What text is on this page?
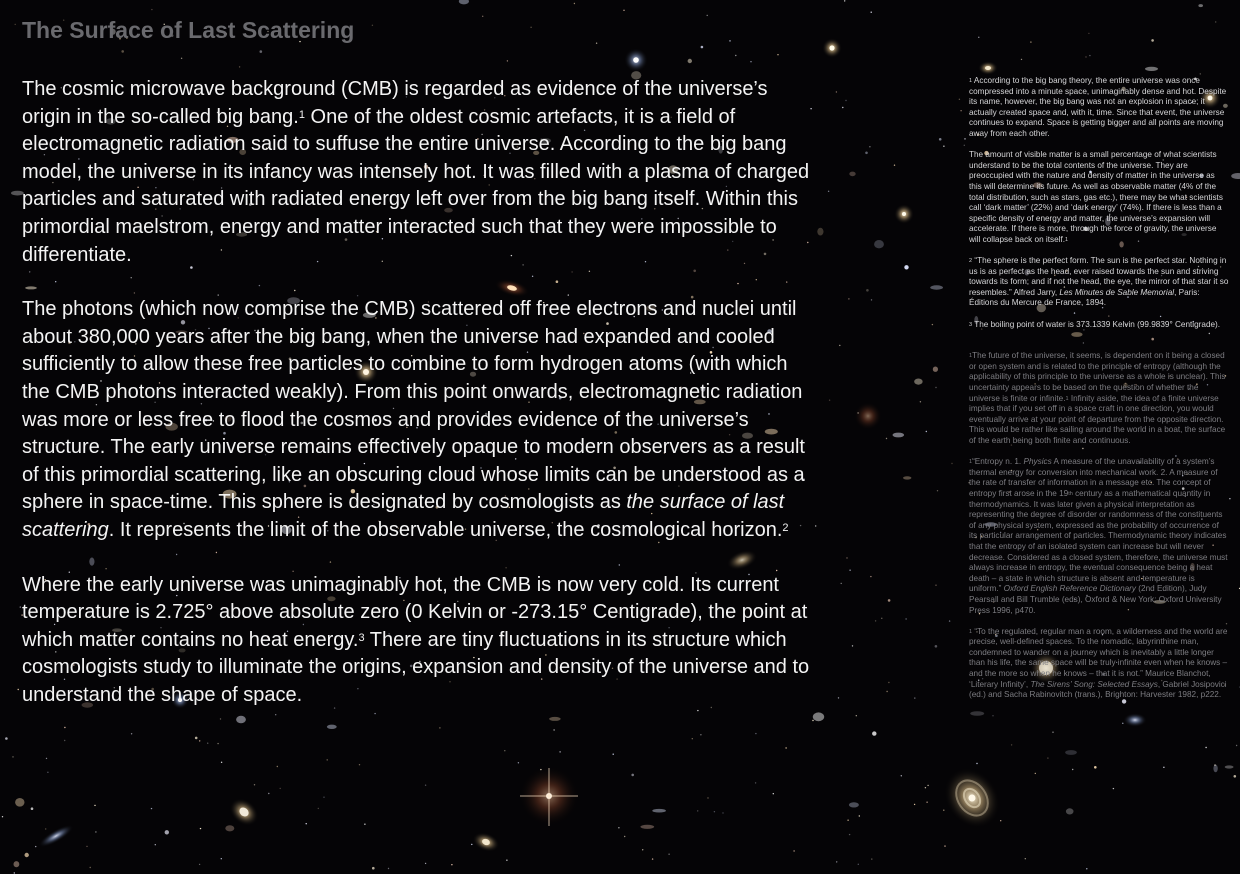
The Surface of Last Scattering

The cosmic microwave background (CMB) is regarded as evidence of the universe’s origin in the so-called big bang.$^1$ One of the oldest cosmic artefacts, it is a field of electromagnetic radiation said to suffuse the entire universe. According to the big bang model, the universe in its infancy was intensely hot. It was filled with a plasma of charged particles and saturated with radiated energy left over from the big bang itself. Within this primordial maelstrom, energy and matter interacted such that they were impossible to differentiate.

The photons (which now comprise the CMB) scattered off free electrons and nuclei until about 380,000 years after the big bang, when the universe had expanded and cooled sufficiently to allow these free particles to combine to form hydrogen atoms (with which the CMB photons interacted weakly). From this point onwards, electromagnetic radiation was more or less free to flood the cosmos and provides evidence of the universe’s structure. The early universe remains effectively opaque to modern observers as a result of this primordial scattering, like an obscuring cloud whose limits can be understood as a sphere in space-time. This sphere is designated by cosmologists as the surface of last scattering. It represents the limit of the observable universe, the cosmological horizon.$^2$

Where the early universe was unimaginably hot, the CMB is now very cold. Its current temperature is 2.725° above absolute zero (0 Kelvin or -273.15° Centigrade), the point at which matter contains no heat energy.$^3$ There are tiny fluctuations in its structure which cosmologists study to illuminate the origins, expansion and density of the universe and to understand the shape of space.

$^1$ According to the big bang theory, the entire universe was once compressed into a minute space, unimaginably dense and hot. Despite its name, however, the big bang was not an explosion in space; it actually created space and, with it, time. Since that event, the universe continues to expand. Space is getting bigger and all points are moving away from each other.

The amount of visible matter is a small percentage of what scientists understand to be the total contents of the universe. They are preoccupied with the nature and density of matter in the universe as this will determine its future. As well as observable matter (4% of the total distribution, such as stars, gas etc.), there may be what scientists call ‘dark matter’ (22%) and ‘dark energy’ (74%). If there is less than a specific density of energy and matter, the universe’s expansion will accelerate. If there is more, through the force of gravity, the universe will collapse back on itself.$^1$

$^2$ “The sphere is the perfect form. The sun is the perfect star. Nothing in us is as perfect as the head, ever raised towards the sun and striving towards its form; and if not the head, the eye, the mirror of that star it so resembles.” Alfred Jarry, Les Minutes de Sable Memorial, Paris: Éditions du Mercure de France, 1894.

$^3$ The boiling point of water is 373.1339 Kelvin (99.9839° Centigrade).

$^1$The future of the universe, it seems, is dependent on it being a closed or open system and is related to the principle of entropy (although the applicability of this principle to the universe as a whole is unclear). This uncertainty appears to be based on the question of whether the universe is finite or infinite.$^1$ Infinity aside, the idea of a finite universe implies that if you set off in a space craft in one direction, you would eventually arrive at your point of departure from the opposite direction. This would be rather like sailing around the world in a boat, the surface of the earth being both finite and continuous.

$^1$“Entropy n. 1. Physics A measure of the unavailability of a system’s thermal energy for conversion into mechanical work. 2. A measure of the rate of transfer of information in a message etc. The concept of entropy first arose in the 19th century as a mathematical quantity in thermodynamics. It was later given a physical interpretation as representing the degree of disorder or randomness of the constituents of any physical system, expressed as the probability of occurrence of its particular arrangement of particles. Thermodynamic theory indicates that the entropy of an isolated system can increase but will never decrease. Considered as a closed system, therefore, the universe must always increase in entropy, the eventual consequence being a heat death – a state in which structure is absent and temperature is uniform.” Oxford English Reference Dictionary (2nd Edition), Judy Pearsall and Bill Trumble (eds), Oxford & New York: Oxford University Press 1996, p470.

$^1$ “To the regulated, regular man a room, a wilderness and the world are precise, well-defined spaces. To the nomadic, labyrinthine man, condemned to wander on a journey which is inevitably a little longer than his life, the same space will be truly infinite even when he knows – and the more so when he knows – that it is not.” Maurice Blanchot, ‘Literary Infinity’, The Sirens’ Song: Selected Essays, Gabriel Josipovici (ed.) and Sacha Rabinovitch (trans.), Brighton: Harvester 1982, p222.
